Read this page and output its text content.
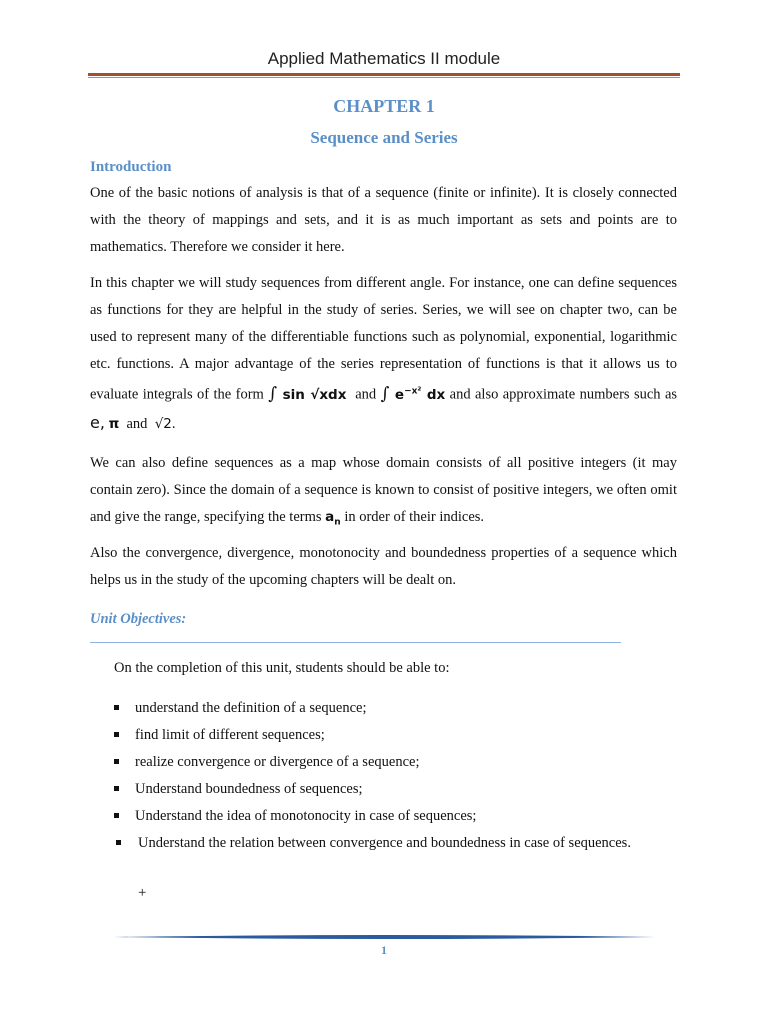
Applied Mathematics II module
CHAPTER 1
Sequence and Series
Introduction

One of the basic notions of analysis is that of a sequence (finite or infinite). It is closely connected with the theory of mappings and sets, and it is as much important as sets and points are to mathematics. Therefore we consider it here.

In this chapter we will study sequences from different angle. For instance, one can define sequences as functions for they are helpful in the study of series. Series, we will see on chapter two, can be used to represent many of the differentiable functions such as polynomial, exponential, logarithmic etc. functions. A major advantage of the series representation of functions is that it allows us to evaluate integrals of the form ∫ sin √xdx and ∫ $e^{-x^2}$ dx and also approximate numbers such as e, π and √2.

We can also define sequences as a map whose domain consists of all positive integers (it may contain zero). Since the domain of a sequence is known to consist of positive integers, we often omit and give the range, specifying the terms $a_n$ in order of their indices.

Also the convergence, divergence, monotonocity and boundedness properties of a sequence which helps us in the study of the upcoming chapters will be dealt on.

Unit Objectives:
On the completion of this unit, students should be able to:
understand the definition of a sequence;
find limit of different sequences;
realize convergence or divergence of a sequence;
Understand boundedness of sequences;
Understand the idea of monotonocity in case of sequences;
Understand the relation between convergence and boundedness in case of sequences.
+
1
